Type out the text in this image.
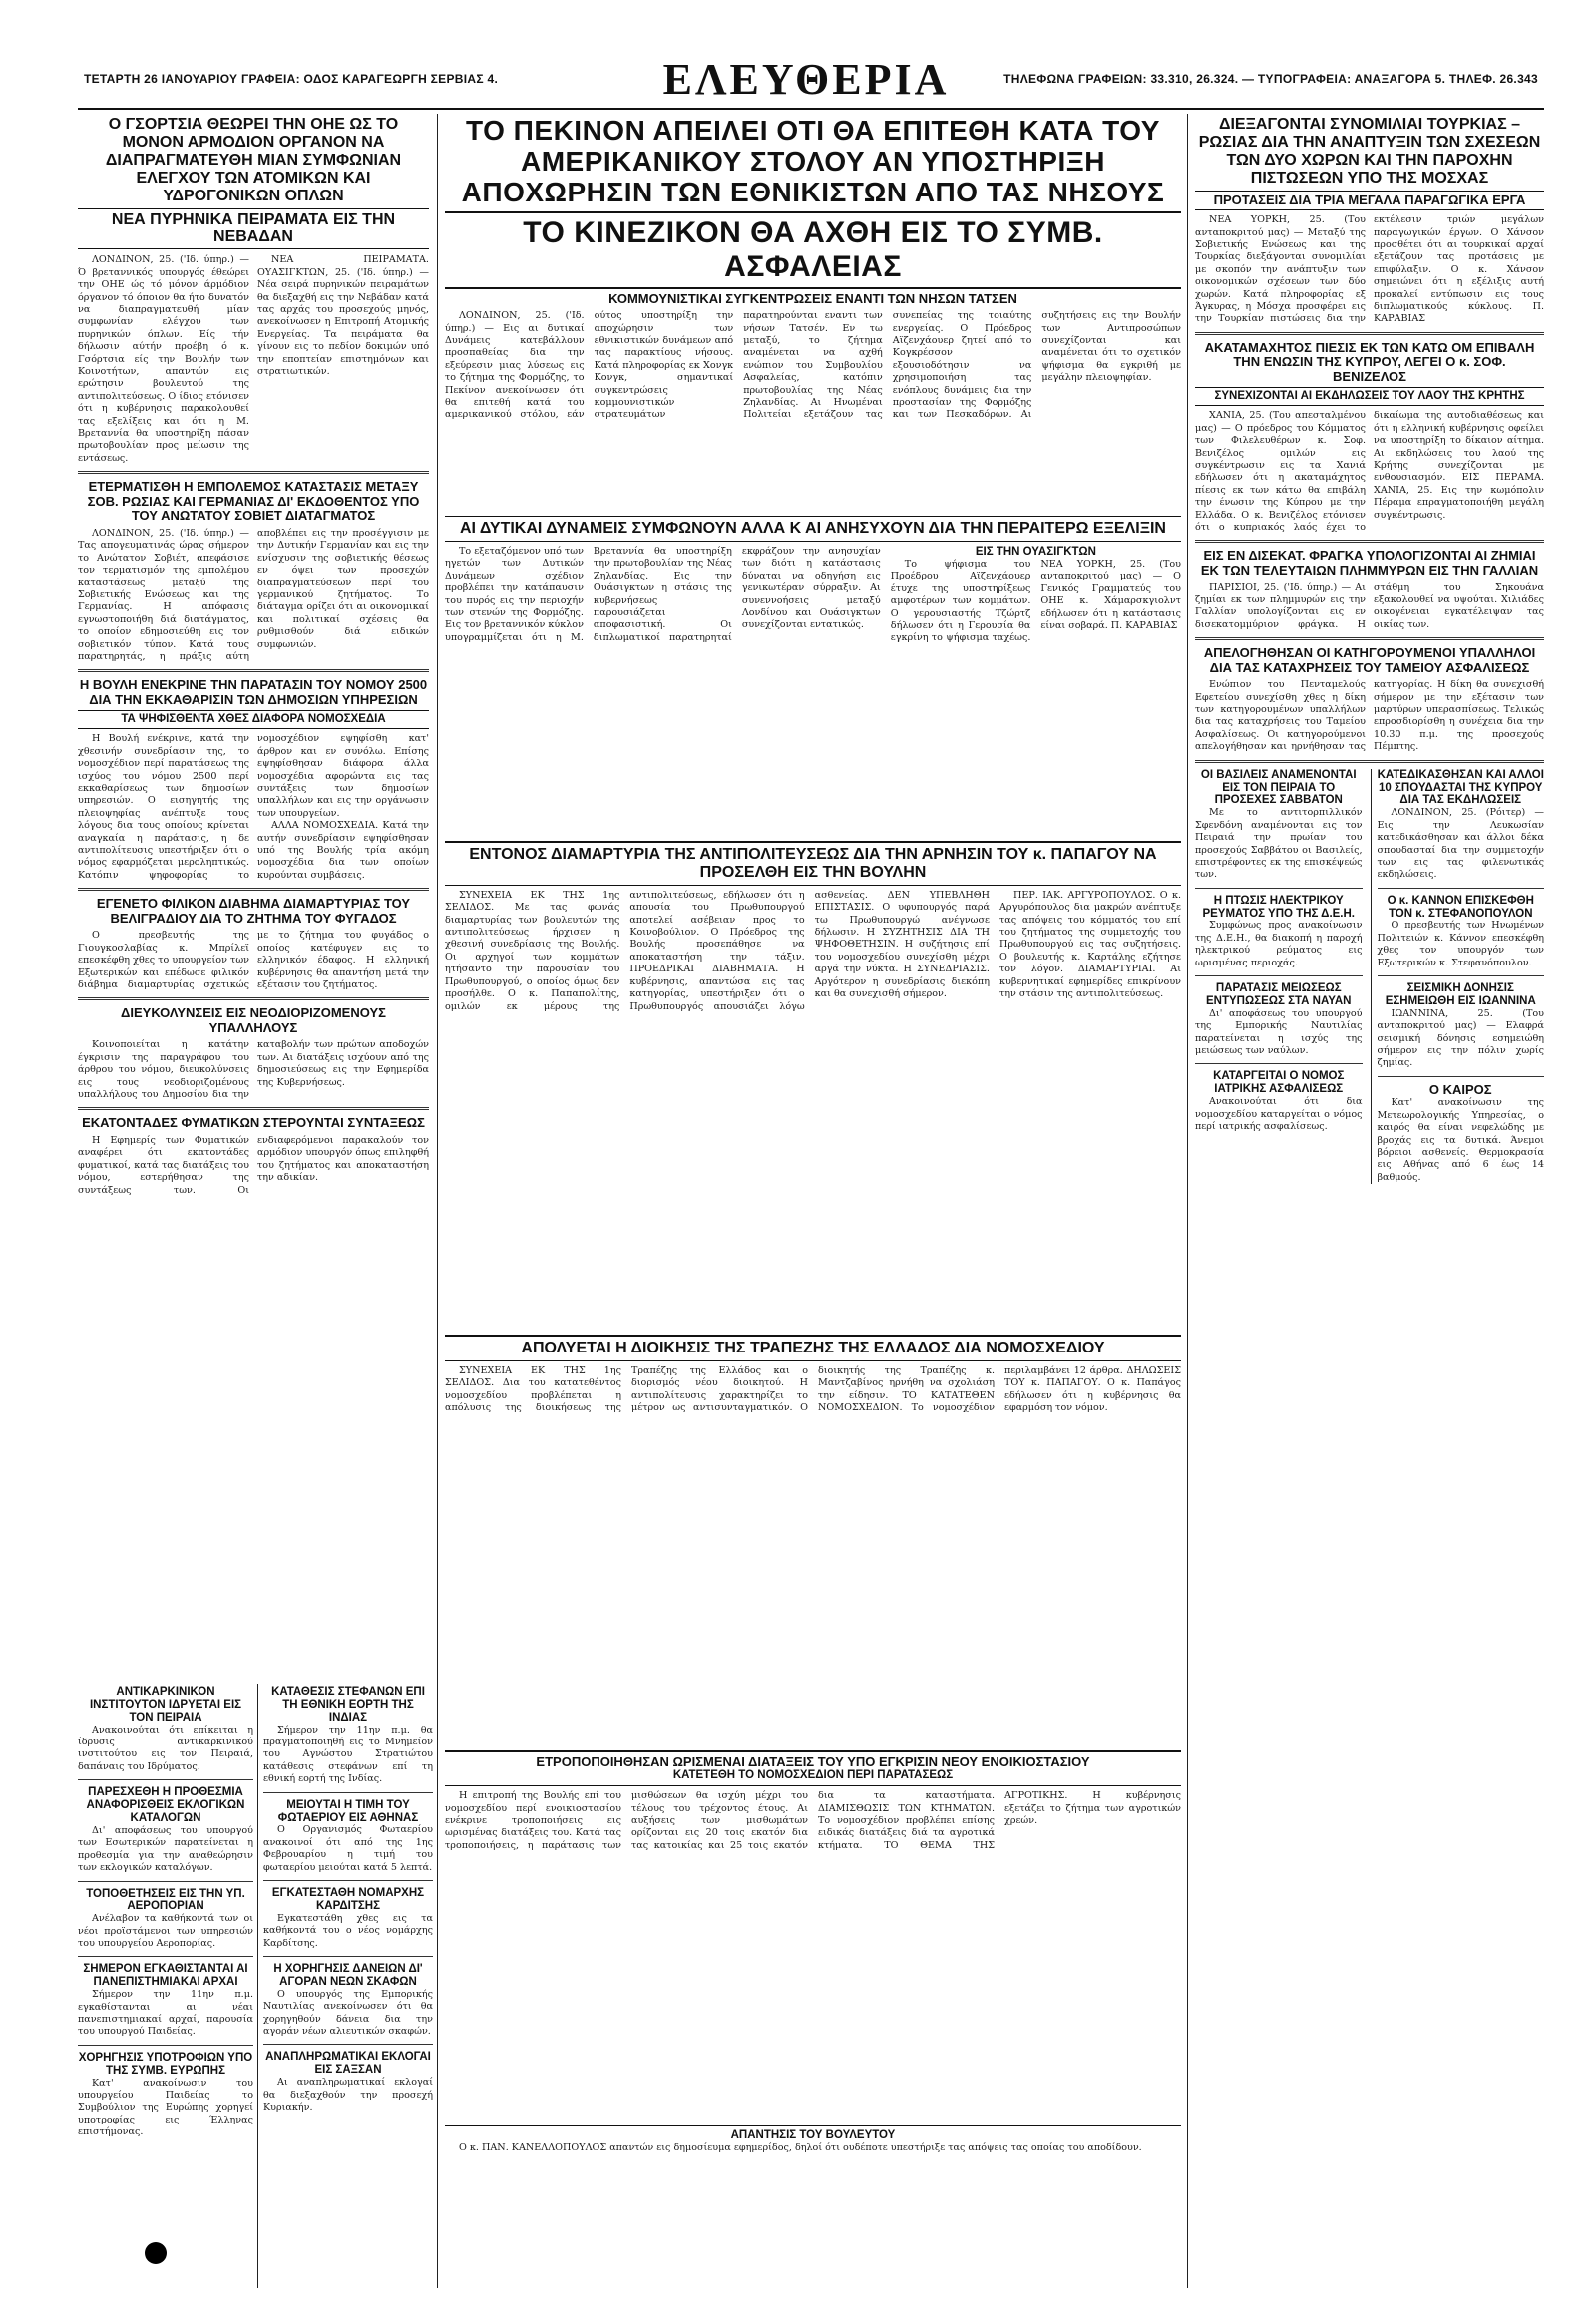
ΤΕΤΑΡΤΗ 26 ΙΑΝΟΥΑΡΙΟΥ ΓΡΑΦΕΙΑ: ΟΔΟΣ ΚΑΡΑΓΕΩΡΓΗ ΣΕΡΒΙΑΣ 4.	ΕΛΕΥΘΕΡΙΑ	ΤΗΛΕΦΩΝΑ ΓΡΑΦΕΙΩΝ: 33.310, 26.324. — ΤΥΠΟΓΡΑΦΕΙΑ: ΑΝΑΞΑΓΟΡΑ 5. ΤΗΛΕΦ. 26.343
Ο ΓΣΟΡΤΣΙΑ ΘΕΩΡΕΙ ΤΗΝ ΟΗΕ ΩΣ ΤΟ ΜΟΝΟΝ ΑΡΜΟΔΙΟΝ ΟΡΓΑΝΟΝ ΝΑ ΔΙΑΠΡΑΓΜΑΤΕΥΘΗ ΜΙΑΝ ΣΥΜΦΩΝΙΑΝ ΕΛΕΓΧΟΥ ΤΩΝ ΑΤΟΜΙΚΩΝ ΚΑΙ ΥΔΡΟΓΟΝΙΚΩΝ ΟΠΛΩΝ
ΝΕΑ ΠΥΡΗΝΙΚΑ ΠΕΙΡΑΜΑΤΑ ΕΙΣ ΤΗΝ ΝΕΒΑΔΑΝ

ΛΟΝΔΙΝΟΝ, 25. ('Ιδ. ύπηρ.) — Ό βρεταννικός υπουργός έθεώρει την ΟΗΕ ώς τό μόνον άρμόδιον όργανον τό όποιον θα ήτο δυνατόν να διαπραγματευθή μίαν συμφωνίαν ελέγχου των πυρηνικών όπλων. Είς τήν δήλωσιν αύτήν προέβη ό κ. Γσόρτσια είς την Βουλήν των Κοινοτήτων, απαντών εις ερώτησιν βουλευτού της αντιπολιτεύσεως. Ο ίδιος ετόνισεν ότι η κυβέρνησις παρακολουθεί τας εξελίξεις και ότι η Μ. Βρεταννία θα υποστηρίξη πάσαν πρωτοβουλίαν προς μείωσιν της εντάσεως.

ΝΕΑ ΠΕΙΡΑΜΑΤΑ. ΟΥΑΣΙΓΚΤΩΝ, 25. ('Ιδ. ύπηρ.) — Νέα σειρά πυρηνικών πειραμάτων θα διεξαχθή εις την Νεβάδαν κατά τας αρχάς του προσεχούς μηνός, ανεκοίνωσεν η Επιτροπή Ατομικής Ενεργείας. Τα πειράματα θα γίνουν εις το πεδίον δοκιμών υπό την εποπτείαν επιστημόνων και στρατιωτικών.

ΕΤΕΡΜΑΤΙΣΘΗ Η ΕΜΠΟΛΕΜΟΣ ΚΑΤΑΣΤΑΣΙΣ ΜΕΤΑΞΥ ΣΟΒ. ΡΩΣΙΑΣ ΚΑΙ ΓΕΡΜΑΝΙΑΣ ΔΙ' ΕΚΔΟΘΕΝΤΟΣ ΥΠΟ ΤΟΥ ΑΝΩΤΑΤΟΥ ΣΟΒΙΕΤ ΔΙΑΤΑΓΜΑΤΟΣ

ΛΟΝΔΙΝΟΝ, 25. ('Ιδ. ύπηρ.) — Τας απογευματινάς ώρας σήμερον το Ανώτατον Σοβιέτ, απεφάσισε τον τερματισμόν της εμπολέμου καταστάσεως μεταξύ της Σοβιετικής Ενώσεως και της Γερμανίας. Η απόφασις εγνωστοποιήθη διά διατάγματος, το οποίον εδημοσιεύθη εις τον σοβιετικόν τύπον. Κατά τους παρατηρητάς, η πράξις αύτη αποβλέπει εις την προσέγγισιν με την Δυτικήν Γερμανίαν και εις την ενίσχυσιν της σοβιετικής θέσεως εν όψει των προσεχών διαπραγματεύσεων περί του γερμανικού ζητήματος. Το διάταγμα ορίζει ότι αι οικονομικαί και πολιτικαί σχέσεις θα ρυθμισθούν διά ειδικών συμφωνιών.

Η ΒΟΥΛΗ ΕΝΕΚΡΙΝΕ ΤΗΝ ΠΑΡΑΤΑΣΙΝ ΤΟΥ ΝΟΜΟΥ 2500 ΔΙΑ ΤΗΝ ΕΚΚΑΘΑΡΙΣΙΝ ΤΩΝ ΔΗΜΟΣΙΩΝ ΥΠΗΡΕΣΙΩΝ
ΤΑ ΨΗΦΙΣΘΕΝΤΑ ΧΘΕΣ ΔΙΑΦΟΡΑ ΝΟΜΟΣΧΕΔΙΑ

Η Βουλή ενέκρινε, κατά την χθεσινήν συνεδρίασιν της, το νομοσχέδιον περί παρατάσεως της ισχύος του νόμου 2500 περί εκκαθαρίσεως των δημοσίων υπηρεσιών. Ο εισηγητής της πλειοψηφίας ανέπτυξε τους λόγους δια τους οποίους κρίνεται αναγκαία η παράτασις, η δε αντιπολίτευσις υπεστήριξεν ότι ο νόμος εφαρμόζεται μεροληπτικώς. Κατόπιν ψηφοφορίας το νομοσχέδιον εψηφίσθη κατ' άρθρον και εν συνόλω. Επίσης εψηφίσθησαν διάφορα άλλα νομοσχέδια αφορώντα εις τας συντάξεις των δημοσίων υπαλλήλων και εις την οργάνωσιν των υπουργείων.

ΑΛΛΑ ΝΟΜΟΣΧΕΔΙΑ. Κατά την αυτήν συνεδρίασιν εψηφίσθησαν υπό της Βουλής τρία ακόμη νομοσχέδια δια των οποίων κυρούνται συμβάσεις.

ΕΓΕΝΕΤΟ ΦΙΛΙΚΟΝ ΔΙΑΒΗΜΑ ΔΙΑΜΑΡΤΥΡΙΑΣ ΤΟΥ ΒΕΛΙΓΡΑΔΙΟΥ ΔΙΑ ΤΟ ΖΗΤΗΜΑ ΤΟΥ ΦΥΓΑΔΟΣ

Ο πρεσβευτής της Γιουγκοσλαβίας κ. Μπρίλεϊ επεσκέφθη χθες το υπουργείον των Εξωτερικών και επέδωσε φιλικόν διάβημα διαμαρτυρίας σχετικώς με το ζήτημα του φυγάδος ο οποίος κατέφυγεν εις το ελληνικόν έδαφος. Η ελληνική κυβέρνησις θα απαντήση μετά την εξέτασιν του ζητήματος.

ΔΙΕΥΚΟΛΥΝΣΕΙΣ ΕΙΣ ΝΕΟΔΙΟΡΙΖΟΜΕΝΟΥΣ ΥΠΑΛΛΗΛΟΥΣ

Κοινοποιείται η κατάτην έγκρισιν της παραγράφου του άρθρου του νόμου, διευκολύνσεις εις τους νεοδιοριζομένους υπαλλήλους του Δημοσίου δια την καταβολήν των πρώτων αποδοχών των. Αι διατάξεις ισχύουν από της δημοσιεύσεως εις την Εφημερίδα της Κυβερνήσεως.

ΕΚΑΤΟΝΤΑΔΕΣ ΦΥΜΑΤΙΚΩΝ ΣΤΕΡΟΥΝΤΑΙ ΣΥΝΤΑΞΕΩΣ

Η Εφημερίς των Φυματικών αναφέρει ότι εκατοντάδες φυματικοί, κατά τας διατάξεις του νόμου, εστερήθησαν της συντάξεως των. Οι ενδιαφερόμενοι παρακαλούν τον αρμόδιον υπουργόν όπως επιληφθή του ζητήματος και αποκαταστήση την αδικίαν.

ΑΝΤΙΚΑΡΚΙΝΙΚΟΝ ΙΝΣΤΙΤΟΥΤΟΝ ΙΔΡΥΕΤΑΙ ΕΙΣ ΤΟΝ ΠΕΙΡΑΙΑ

Ανακοινούται ότι επίκειται η ίδρυσις αντικαρκινικού ινστιτούτου εις τον Πειραιά, δαπάναις του Ιδρύματος.

ΠΑΡΕΣΧΕΘΗ Η ΠΡΟΘΕΣΜΙΑ ΑΝΑΦΟΡΙΣΘΕΙΣ ΕΚΛΟΓΙΚΩΝ ΚΑΤΑΛΟΓΩΝ

Δι' αποφάσεως του υπουργού των Εσωτερικών παρατείνεται η προθεσμία για την αναθεώρησιν των εκλογικών καταλόγων.

ΤΟΠΟΘΕΤΗΣΕΙΣ ΕΙΣ ΤΗΝ ΥΠ. ΑΕΡΟΠΟΡΙΑΝ

Ανέλαβον τα καθήκοντά των οι νέοι προϊστάμενοι των υπηρεσιών του υπουργείου Αεροπορίας.

ΣΗΜΕΡΟΝ ΕΓΚΑΘΙΣΤΑΝΤΑΙ ΑΙ ΠΑΝΕΠΙΣΤΗΜΙΑΚΑΙ ΑΡΧΑΙ

Σήμερον την 11ην π.μ. εγκαθίστανται αι νέαι πανεπιστημιακαί αρχαί, παρουσία του υπουργού Παιδείας.

ΧΟΡΗΓΗΣΙΣ ΥΠΟΤΡΟΦΙΩΝ ΥΠΟ ΤΗΣ ΣΥΜΒ. ΕΥΡΩΠΗΣ

Κατ' ανακοίνωσιν του υπουργείου Παιδείας το Συμβούλιον της Ευρώπης χορηγεί υποτροφίας εις Έλληνας επιστήμονας.

ΚΑΤΑΘΕΣΙΣ ΣΤΕΦΑΝΩΝ ΕΠΙ ΤΗ ΕΘΝΙΚΗ ΕΟΡΤΗ ΤΗΣ ΙΝΔΙΑΣ

Σήμερον την 11ην π.μ. θα πραγματοποιηθή εις το Μνημείον του Αγνώστου Στρατιώτου κατάθεσις στεφάνων επί τη εθνική εορτή της Ινδίας.

ΜΕΙΟΥΤΑΙ Η ΤΙΜΗ ΤΟΥ ΦΩΤΑΕΡΙΟΥ ΕΙΣ ΑΘΗΝΑΣ

Ο Οργανισμός Φωταερίου ανακοινοί ότι από της 1ης Φεβρουαρίου η τιμή του φωταερίου μειούται κατά 5 λεπτά.

ΕΓΚΑΤΕΣΤΑΘΗ ΝΟΜΑΡΧΗΣ ΚΑΡΔΙΤΣΗΣ

Εγκατεστάθη χθες εις τα καθήκοντά του ο νέος νομάρχης Καρδίτσης.

Η ΧΟΡΗΓΗΣΙΣ ΔΑΝΕΙΩΝ ΔΙ' ΑΓΟΡΑΝ ΝΕΩΝ ΣΚΑΦΩΝ

Ο υπουργός της Εμπορικής Ναυτιλίας ανεκοίνωσεν ότι θα χορηγηθούν δάνεια δια την αγοράν νέων αλιευτικών σκαφών.

ΑΝΑΠΛΗΡΩΜΑΤΙΚΑΙ ΕΚΛΟΓΑΙ ΕΙΣ ΣΑΞΣΑΝ

Αι αναπληρωματικαί εκλογαί θα διεξαχθούν την προσεχή Κυριακήν.

ΤΟ ΠΕΚΙΝΟΝ ΑΠΕΙΛΕΙ ΟΤΙ ΘΑ ΕΠΙΤΕΘΗ ΚΑΤΑ ΤΟΥ ΑΜΕΡΙΚΑΝΙΚΟΥ ΣΤΟΛΟΥ ΑΝ ΥΠΟΣΤΗΡΙΞΗ ΑΠΟΧΩΡΗΣΙΝ ΤΩΝ ΕΘΝΙΚΙΣΤΩΝ ΑΠΟ ΤΑΣ ΝΗΣΟΥΣ
ΤΟ ΚΙΝΕΖΙΚΟΝ ΘΑ ΑΧΘΗ ΕΙΣ ΤΟ ΣΥΜΒ. ΑΣΦΑΛΕΙΑΣ
ΚΟΜΜΟΥΝΙΣΤΙΚΑΙ ΣΥΓΚΕΝΤΡΩΣΕΙΣ ΕΝΑΝΤΙ ΤΩΝ ΝΗΣΩΝ ΤΑΤΣΕΝ

ΛΟΝΔΙΝΟΝ, 25. ('Ιδ. ύπηρ.) — Εις αι δυτικαί Δυνάμεις κατεβάλλουν προσπαθείας δια την εξεύρεσιν μιας λύσεως εις το ζήτημα της Φορμόζης, το Πεκίνον ανεκοίνωσεν ότι θα επιτεθή κατά του αμερικανικού στόλου, εάν ούτος υποστηρίξη την αποχώρησιν των εθνικιστικών δυνάμεων από τας παρακτίους νήσους. Κατά πληροφορίας εκ Χονγκ Κονγκ, σημαντικαί συγκεντρώσεις κομμουνιστικών στρατευμάτων παρατηρούνται εναντι των νήσων Τατσέν. Εν τω μεταξύ, το ζήτημα αναμένεται να αχθή ενώπιον του Συμβουλίου Ασφαλείας, κατόπιν πρωτοβουλίας της Νέας Ζηλανδίας. Αι Ηνωμέναι Πολιτείαι εξετάζουν τας συνεπείας της τοιαύτης ενεργείας. Ο Πρόεδρος Αϊζενχάουερ ζητεί από το Κογκρέσσον εξουσιοδότησιν να χρησιμοποιήση τας ενόπλους δυνάμεις δια την προστασίαν της Φορμόζης και των Πεσκαδόρων. Αι συζητήσεις εις την Βουλήν των Αντιπροσώπων συνεχίζονται και αναμένεται ότι το σχετικόν ψήφισμα θα εγκριθή με μεγάλην πλειοψηφίαν.

ΑΙ ΔΥΤΙΚΑΙ ΔΥΝΑΜΕΙΣ ΣΥΜΦΩΝΟΥΝ ΑΛΛΑ Κ ΑΙ ΑΝΗΣΥΧΟΥΝ ΔΙΑ ΤΗΝ ΠΕΡΑΙΤΕΡΩ ΕΞΕΛΙΞΙΝ

Το εξεταζόμενον υπό των ηγετών των Δυτικών Δυνάμεων σχέδιον προβλέπει την κατάπαυσιν του πυρός εις την περιοχήν των στενών της Φορμόζης. Εις τον βρεταννικόν κύκλον υπογραμμίζεται ότι η Μ. Βρεταννία θα υποστηρίξη την πρωτοβουλίαν της Νέας Ζηλανδίας. Εις την Ουάσιγκτων η στάσις της κυβερνήσεως παρουσιάζεται αποφασιστική. Οι διπλωματικοί παρατηρηταί εκφράζουν την ανησυχίαν των διότι η κατάστασις δύναται να οδηγήση εις γενικωτέραν σύρραξιν. Αι συνεννοήσεις μεταξύ Λονδίνου και Ουάσιγκτων συνεχίζονται εντατικώς.

ΕΙΣ ΤΗΝ ΟΥΑΣΙΓΚΤΩΝ

Το ψήφισμα του Προέδρου Αϊζενχάουερ έτυχε της υποστηρίξεως αμφοτέρων των κομμάτων. Ο γερουσιαστής Τζώρτζ δήλωσεν ότι η Γερουσία θα εγκρίνη το ψήφισμα ταχέως. ΝΕΑ ΥΟΡΚΗ, 25. (Του ανταποκριτού μας) — Ο Γενικός Γραμματεύς του ΟΗΕ κ. Χάμαρσκγιολντ εδήλωσεν ότι η κατάστασις είναι σοβαρά. Π. ΚΑΡΑΒΙΑΣ

ΕΝΤΟΝΟΣ ΔΙΑΜΑΡΤΥΡΙΑ ΤΗΣ ΑΝΤΙΠΟΛΙΤΕΥΣΕΩΣ ΔΙΑ ΤΗΝ ΑΡΝΗΣΙΝ ΤΟΥ κ. ΠΑΠΑΓΟΥ ΝΑ ΠΡΟΣΕΛΘΗ ΕΙΣ ΤΗΝ ΒΟΥΛΗΝ

ΣΥΝΕΧΕΙΑ ΕΚ ΤΗΣ 1ης ΣΕΛΙΔΟΣ. Με τας φωνάς διαμαρτυρίας των βουλευτών της αντιπολιτεύσεως ήρχισεν η χθεσινή συνεδρίασις της Βουλής. Οι αρχηγοί των κομμάτων ητήσαντο την παρουσίαν του Πρωθυπουργού, ο οποίος όμως δεν προσήλθε. Ο κ. Παπαπολίτης, ομιλών εκ μέρους της αντιπολιτεύσεως, εδήλωσεν ότι η απουσία του Πρωθυπουργού αποτελεί ασέβειαν προς το Κοινοβούλιον. Ο Πρόεδρος της Βουλής προσεπάθησε να αποκαταστήση την τάξιν. ΠΡΟΕΔΡΙΚΑΙ ΔΙΑΒΗΜΑΤΑ. Η κυβέρνησις, απαντώσα εις τας κατηγορίας, υπεστήριξεν ότι ο Πρωθυπουργός απουσιάζει λόγω ασθενείας. ΔΕΝ ΥΠΕΒΛΗΘΗ ΕΠΙΣΤΑΣΙΣ. Ο υφυπουργός παρά τω Πρωθυπουργώ ανέγνωσε δήλωσιν. Η ΣΥΖΗΤΗΣΙΣ ΔΙΑ ΤΗ ΨΗΦΟΘΕΤΗΣΙΝ. Η συζήτησις επί του νομοσχεδίου συνεχίσθη μέχρι αργά την νύκτα. Η ΣΥΝΕΔΡΙΑΣΙΣ. Αργότερον η συνεδρίασις διεκόπη και θα συνεχισθή σήμερον.

ΠΕΡ. ΙΑΚ. ΑΡΓΥΡΟΠΟΥΛΟΣ. Ο κ. Αργυρόπουλος δια μακρών ανέπτυξε τας απόψεις του κόμματός του επί του ζητήματος της συμμετοχής του Πρωθυπουργού εις τας συζητήσεις. Ο βουλευτής κ. Καρτάλης εζήτησε τον λόγον. ΔΙΑΜΑΡΤΥΡΙΑΙ. Αι κυβερνητικαί εφημερίδες επικρίνουν την στάσιν της αντιπολιτεύσεως.

ΑΠΟΛΥΕΤΑΙ Η ΔΙΟΙΚΗΣΙΣ ΤΗΣ ΤΡΑΠΕΖΗΣ ΤΗΣ ΕΛΛΑΔΟΣ ΔΙΑ ΝΟΜΟΣΧΕΔΙΟΥ

ΣΥΝΕΧΕΙΑ ΕΚ ΤΗΣ 1ης ΣΕΛΙΔΟΣ. Δια του κατατεθέντος νομοσχεδίου προβλέπεται η απόλυσις της διοικήσεως της Τραπέζης της Ελλάδος και ο διορισμός νέου διοικητού. Η αντιπολίτευσις χαρακτηρίζει το μέτρον ως αντισυνταγματικόν. Ο διοικητής της Τραπέζης κ. Μαντζαβίνος ηρνήθη να σχολιάση την είδησιν. ΤΟ ΚΑΤΑΤΕΘΕΝ ΝΟΜΟΣΧΕΔΙΟΝ. Το νομοσχέδιον περιλαμβάνει 12 άρθρα. ΔΗΛΩΣΕΙΣ ΤΟΥ κ. ΠΑΠΑΓΟΥ. Ο κ. Παπάγος εδήλωσεν ότι η κυβέρνησις θα εφαρμόση τον νόμον.

ΕΤΡΟΠΟΠΟΙΗΘΗΣΑΝ ΩΡΙΣΜΕΝΑΙ ΔΙΑΤΑΞΕΙΣ ΤΟΥ ΥΠΟ ΕΓΚΡΙΣΙΝ ΝΕΟΥ ΕΝΟΙΚΙΟΣΤΑΣΙΟΥ
ΚΑΤΕΤΕΘΗ ΤΟ ΝΟΜΟΣΧΕΔΙΟΝ ΠΕΡΙ ΠΑΡΑΤΑΣΕΩΣ

Η επιτροπή της Βουλής επί του νομοσχεδίου περί ενοικιοστασίου ενέκρινε τροποποιήσεις εις ωρισμένας διατάξεις του. Κατά τας τροποποιήσεις, η παράτασις των μισθώσεων θα ισχύη μέχρι του τέλους του τρέχοντος έτους. Αι αυξήσεις των μισθωμάτων ορίζονται εις 20 τοις εκατόν δια τας κατοικίας και 25 τοις εκατόν δια τα καταστήματα. ΔΙΑΜΙΣΘΩΣΙΣ ΤΩΝ ΚΤΗΜΑΤΩΝ. Το νομοσχέδιον προβλέπει επίσης ειδικάς διατάξεις διά τα αγροτικά κτήματα. ΤΟ ΘΕΜΑ ΤΗΣ ΑΓΡΟΤΙΚΗΣ. Η κυβέρνησις εξετάζει το ζήτημα των αγροτικών χρεών.

ΑΠΑΝΤΗΣΙΣ ΤΟΥ ΒΟΥΛΕΥΤΟΥ

Ο κ. ΠΑΝ. ΚΑΝΕΛΛΟΠΟΥΛΟΣ απαντών εις δημοσίευμα εφημερίδος, δηλοί ότι ουδέποτε υπεστήριξε τας απόψεις τας οποίας του αποδίδουν.

ΔΙΕΞΑΓΟΝΤΑΙ ΣΥΝΟΜΙΛΙΑΙ ΤΟΥΡΚΙΑΣ – ΡΩΣΙΑΣ ΔΙΑ ΤΗΝ ΑΝΑΠΤΥΞΙΝ ΤΩΝ ΣΧΕΣΕΩΝ ΤΩΝ ΔΥΟ ΧΩΡΩΝ ΚΑΙ ΤΗΝ ΠΑΡΟΧΗΝ ΠΙΣΤΩΣΕΩΝ ΥΠΟ ΤΗΣ ΜΟΣΧΑΣ
ΠΡΟΤΑΣΕΙΣ ΔΙΑ ΤΡΙΑ ΜΕΓΑΛΑ ΠΑΡΑΓΩΓΙΚΑ ΕΡΓΑ

ΝΕΑ ΥΟΡΚΗ, 25. (Του ανταποκριτού μας) — Μεταξύ της Σοβιετικής Ενώσεως και της Τουρκίας διεξάγονται συνομιλίαι με σκοπόν την ανάπτυξιν των οικονομικών σχέσεων των δύο χωρών. Κατά πληροφορίας εξ Άγκυρας, η Μόσχα προσφέρει εις την Τουρκίαν πιστώσεις δια την εκτέλεσιν τριών μεγάλων παραγωγικών έργων. Ο Χάνσον προσθέτει ότι αι τουρκικαί αρχαί εξετάζουν τας προτάσεις με επιφύλαξιν. Ο κ. Χάνσον σημειώνει ότι η εξέλιξις αυτή προκαλεί εντύπωσιν εις τους διπλωματικούς κύκλους. Π. ΚΑΡΑΒΙΑΣ

ΑΚΑΤΑΜΑΧΗΤΟΣ ΠΙΕΣΙΣ ΕΚ ΤΩΝ ΚΑΤΩ ΟΜ ΕΠΙΒΑΛΗ ΤΗΝ ΕΝΩΣΙΝ ΤΗΣ ΚΥΠΡΟΥ, ΛΕΓΕΙ Ο κ. ΣΟΦ. ΒΕΝΙΖΕΛΟΣ
ΣΥΝΕΧΙΖΟΝΤΑΙ ΑΙ ΕΚΔΗΛΩΣΕΙΣ ΤΟΥ ΛΑΟΥ ΤΗΣ ΚΡΗΤΗΣ

ΧΑΝΙΑ, 25. (Του απεσταλμένου μας) — Ο πρόεδρος του Κόμματος των Φιλελευθέρων κ. Σοφ. Βενιζέλος ομιλών εις συγκέντρωσιν εις τα Χανιά εδήλωσεν ότι η ακαταμάχητος πίεσις εκ των κάτω θα επιβάλη την ένωσιν της Κύπρου με την Ελλάδα. Ο κ. Βενιζέλος ετόνισεν ότι ο κυπριακός λαός έχει το δικαίωμα της αυτοδιαθέσεως και ότι η ελληνική κυβέρνησις οφείλει να υποστηρίξη το δίκαιον αίτημα. Αι εκδηλώσεις του λαού της Κρήτης συνεχίζονται με ενθουσιασμόν. ΕΙΣ ΠΕΡΑΜΑ. ΧΑΝΙΑ, 25. Εις την κωμόπολιν Πέραμα επραγματοποιήθη μεγάλη συγκέντρωσις.

ΕΙΣ ΕΝ ΔΙΣΕΚΑΤ. ΦΡΑΓΚΑ ΥΠΟΛΟΓΙΖΟΝΤΑΙ ΑΙ ΖΗΜΙΑΙ ΕΚ ΤΩΝ ΤΕΛΕΥΤΑΙΩΝ ΠΛΗΜΜΥΡΩΝ ΕΙΣ ΤΗΝ ΓΑΛΛΙΑΝ

ΠΑΡΙΣΙΟΙ, 25. ('Ιδ. ύπηρ.) — Αι ζημίαι εκ των πλημμυρών εις την Γαλλίαν υπολογίζονται εις εν δισεκατομμύριον φράγκα. Η στάθμη του Σηκουάνα εξακολουθεί να υψούται. Χιλιάδες οικογένειαι εγκατέλειψαν τας οικίας των.

ΑΠΕΛΟΓΗΘΗΣΑΝ ΟΙ ΚΑΤΗΓΟΡΟΥΜΕΝΟΙ ΥΠΑΛΛΗΛΟΙ ΔΙΑ ΤΑΣ ΚΑΤΑΧΡΗΣΕΙΣ ΤΟΥ ΤΑΜΕΙΟΥ ΑΣΦΑΛΙΣΕΩΣ

Ενώπιον του Πενταμελούς Εφετείου συνεχίσθη χθες η δίκη των κατηγορουμένων υπαλλήλων δια τας καταχρήσεις του Ταμείου Ασφαλίσεως. Οι κατηγορούμενοι απελογήθησαν και ηρνήθησαν τας κατηγορίας. Η δίκη θα συνεχισθή σήμερον με την εξέτασιν των μαρτύρων υπερασπίσεως. Τελικώς επροσδιορίσθη η συνέχεια δια την 10.30 π.μ. της προσεχούς Πέμπτης.

ΟΙ ΒΑΣΙΛΕΙΣ ΑΝΑΜΕΝΟΝΤΑΙ ΕΙΣ ΤΟΝ ΠΕΙΡΑΙΑ ΤΟ ΠΡΟΣΕΧΕΣ ΣΑΒΒΑΤΟΝ

Με το αντιτορπιλλικόν Σφενδόνη αναμένονται εις τον Πειραιά την πρωίαν του προσεχούς Σαββάτου οι Βασιλείς, επιστρέφοντες εκ της επισκέψεώς των.

Η ΠΤΩΣΙΣ ΗΛΕΚΤΡΙΚΟΥ ΡΕΥΜΑΤΟΣ ΥΠΟ ΤΗΣ Δ.Ε.Η.

Συμφώνως προς ανακοίνωσιν της Δ.Ε.Η., θα διακοπή η παροχή ηλεκτρικού ρεύματος εις ωρισμένας περιοχάς.

ΠΑΡΑΤΑΣΙΣ ΜΕΙΩΣΕΩΣ ΕΝΤΥΠΩΣΕΩΣ ΣΤΑ ΝΑΥΑΝ

Δι' αποφάσεως του υπουργού της Εμπορικής Ναυτιλίας παρατείνεται η ισχύς της μειώσεως των ναύλων.

ΚΑΤΑΡΓΕΙΤΑΙ Ο ΝΟΜΟΣ ΙΑΤΡΙΚΗΣ ΑΣΦΑΛΙΣΕΩΣ

Ανακοινούται ότι δια νομοσχεδίου καταργείται ο νόμος περί ιατρικής ασφαλίσεως.

ΚΑΤΕΔΙΚΑΣΘΗΣΑΝ ΚΑΙ ΑΛΛΟΙ 10 ΣΠΟΥΔΑΣΤΑΙ ΤΗΣ ΚΥΠΡΟΥ ΔΙΑ ΤΑΣ ΕΚΔΗΛΩΣΕΙΣ

ΛΟΝΔΙΝΟΝ, 25. (Ρόιτερ) — Εις την Λευκωσίαν κατεδικάσθησαν και άλλοι δέκα σπουδασταί δια την συμμετοχήν των εις τας φιλενωτικάς εκδηλώσεις.

Ο κ. ΚΑΝΝΟΝ ΕΠΙΣΚΕΦΘΗ ΤΟΝ κ. ΣΤΕΦΑΝΟΠΟΥΛΟΝ

Ο πρεσβευτής των Ηνωμένων Πολιτειών κ. Κάννον επεσκέφθη χθες τον υπουργόν των Εξωτερικών κ. Στεφανόπουλον.

ΣΕΙΣΜΙΚΗ ΔΟΝΗΣΙΣ ΕΣΗΜΕΙΩΘΗ ΕΙΣ ΙΩΑΝΝΙΝΑ

ΙΩΑΝΝΙΝΑ, 25. (Του ανταποκριτού μας) — Ελαφρά σεισμική δόνησις εσημειώθη σήμερον εις την πόλιν χωρίς ζημίας.

Ο ΚΑΙΡΟΣ

Κατ' ανακοίνωσιν της Μετεωρολογικής Υπηρεσίας, ο καιρός θα είναι νεφελώδης με βροχάς εις τα δυτικά. Άνεμοι βόρειοι ασθενείς. Θερμοκρασία εις Αθήνας από 6 έως 14 βαθμούς.
